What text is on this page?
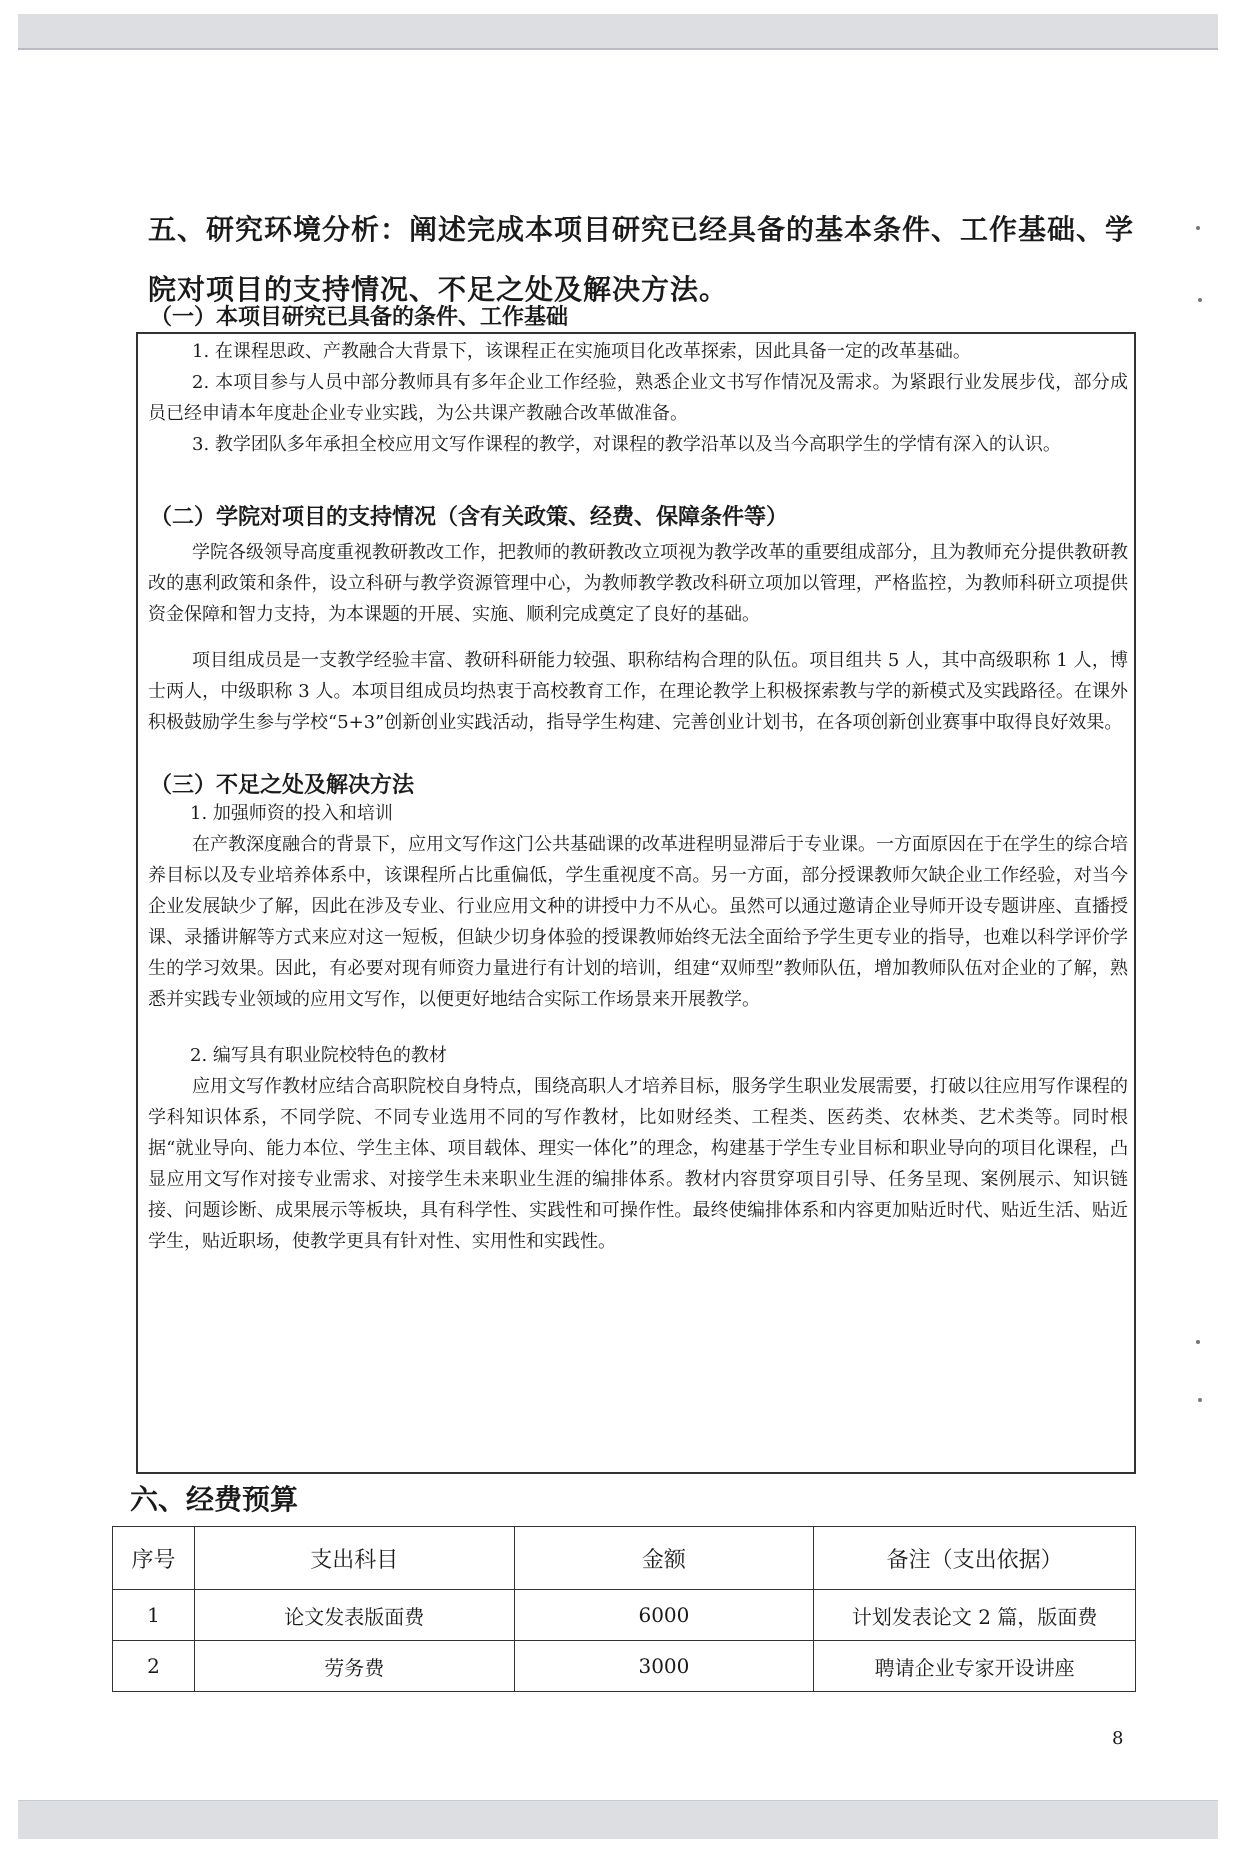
五、研究环境分析：阐述完成本项目研究已经具备的基本条件、工作基础、学院对项目的支持情况、不足之处及解决方法。
（一）本项目研究已具备的条件、工作基础
1. 在课程思政、产教融合大背景下，该课程正在实施项目化改革探索，因此具备一定的改革基础。
2. 本项目参与人员中部分教师具有多年企业工作经验，熟悉企业文书写作情况及需求。为紧跟行业发展步伐，部分成员已经申请本年度赴企业专业实践，为公共课产教融合改革做准备。
3. 教学团队多年承担全校应用文写作课程的教学，对课程的教学沿革以及当今高职学生的学情有深入的认识。
（二）学院对项目的支持情况（含有关政策、经费、保障条件等）
学院各级领导高度重视教研教改工作，把教师的教研教改立项视为教学改革的重要组成部分，且为教师充分提供教研教改的惠利政策和条件，设立科研与教学资源管理中心，为教师教学教改科研立项加以管理，严格监控，为教师科研立项提供资金保障和智力支持，为本课题的开展、实施、顺利完成奠定了良好的基础。
项目组成员是一支教学经验丰富、教研科研能力较强、职称结构合理的队伍。项目组共 5 人，其中高级职称 1 人，博士两人，中级职称 3 人。本项目组成员均热衷于高校教育工作，在理论教学上积极探索教与学的新模式及实践路径。在课外积极鼓励学生参与学校“5+3”创新创业实践活动，指导学生构建、完善创业计划书，在各项创新创业赛事中取得良好效果。
（三）不足之处及解决方法
1. 加强师资的投入和培训
在产教深度融合的背景下，应用文写作这门公共基础课的改革进程明显滞后于专业课。一方面原因在于在学生的综合培养目标以及专业培养体系中，该课程所占比重偏低，学生重视度不高。另一方面，部分授课教师欠缺企业工作经验，对当今企业发展缺少了解，因此在涉及专业、行业应用文种的讲授中力不从心。虽然可以通过邀请企业导师开设专题讲座、直播授课、录播讲解等方式来应对这一短板，但缺少切身体验的授课教师始终无法全面给予学生更专业的指导，也难以科学评价学生的学习效果。因此，有必要对现有师资力量进行有计划的培训，组建“双师型”教师队伍，增加教师队伍对企业的了解，熟悉并实践专业领域的应用文写作，以便更好地结合实际工作场景来开展教学。
2. 编写具有职业院校特色的教材
应用文写作教材应结合高职院校自身特点，围绕高职人才培养目标，服务学生职业发展需要，打破以往应用写作课程的学科知识体系，不同学院、不同专业选用不同的写作教材，比如财经类、工程类、医药类、农林类、艺术类等。同时根据“就业导向、能力本位、学生主体、项目载体、理实一体化”的理念，构建基于学生专业目标和职业导向的项目化课程，凸显应用文写作对接专业需求、对接学生未来职业生涯的编排体系。教材内容贯穿项目引导、任务呈现、案例展示、知识链接、问题诊断、成果展示等板块，具有科学性、实践性和可操作性。最终使编排体系和内容更加贴近时代、贴近生活、贴近学生，贴近职场，使教学更具有针对性、实用性和实践性。
六、经费预算
序号	支出科目	金额	备注（支出依据）
1	论文发表版面费	6000	计划发表论文 2 篇，版面费
2	劳务费	3000	聘请企业专家开设讲座
8
